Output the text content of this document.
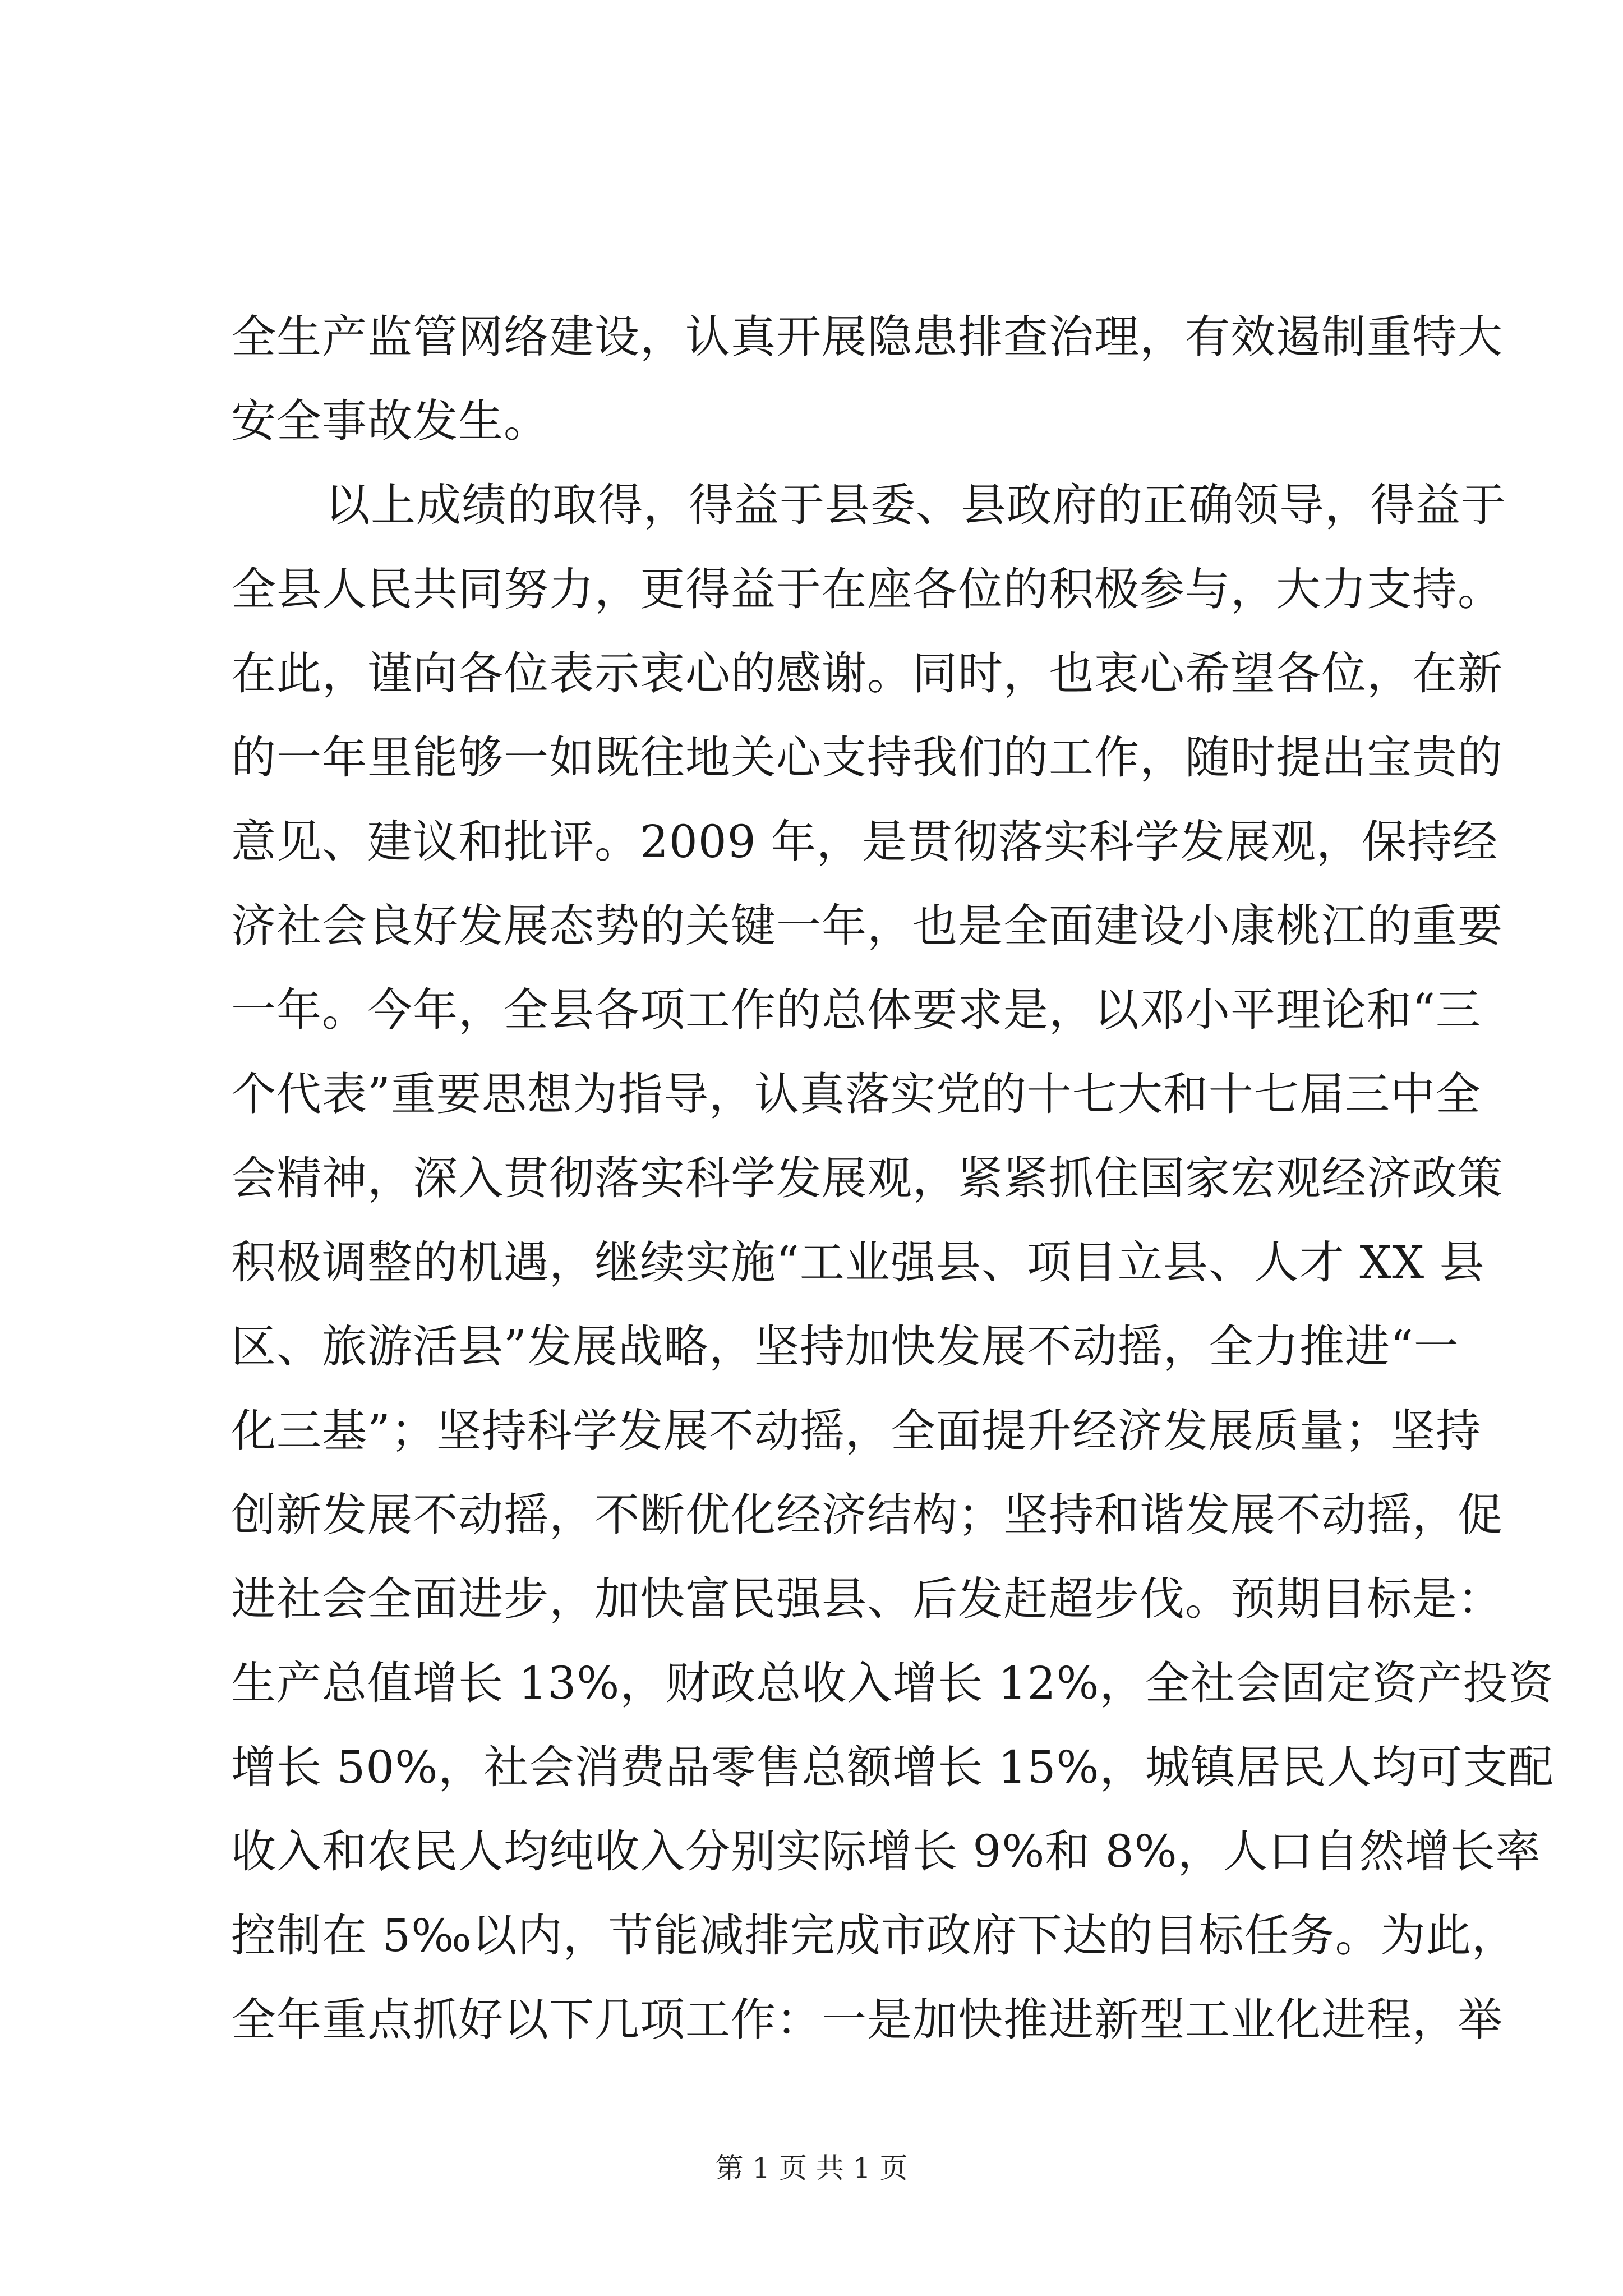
全生产监管网络建设，认真开展隐患排查治理，有效遏制重特大
安全事故发生。
以上成绩的取得，得益于县委、县政府的正确领导，得益于
全县人民共同努力，更得益于在座各位的积极参与，大力支持。
在此，谨向各位表示衷心的感谢。同时，也衷心希望各位，在新
的一年里能够一如既往地关心支持我们的工作，随时提出宝贵的
意见、建议和批评。2009 年，是贯彻落实科学发展观，保持经
济社会良好发展态势的关键一年，也是全面建设小康桃江的重要
一年。今年，全县各项工作的总体要求是，以邓小平理论和“三
个代表”重要思想为指导，认真落实党的十七大和十七届三中全
会精神，深入贯彻落实科学发展观，紧紧抓住国家宏观经济政策
积极调整的机遇，继续实施“工业强县、项目立县、人才 XX 县
区、旅游活县”发展战略，坚持加快发展不动摇，全力推进“一
化三基”；坚持科学发展不动摇，全面提升经济发展质量；坚持
创新发展不动摇，不断优化经济结构；坚持和谐发展不动摇，促
进社会全面进步，加快富民强县、后发赶超步伐。预期目标是：
生产总值增长 13%，财政总收入增长 12%，全社会固定资产投资
增长 50%，社会消费品零售总额增长 15%，城镇居民人均可支配
收入和农民人均纯收入分别实际增长 9%和 8%，人口自然增长率
控制在 5‰以内，节能减排完成市政府下达的目标任务。为此，
全年重点抓好以下几项工作：一是加快推进新型工业化进程，举
第 1 页 共 1 页
